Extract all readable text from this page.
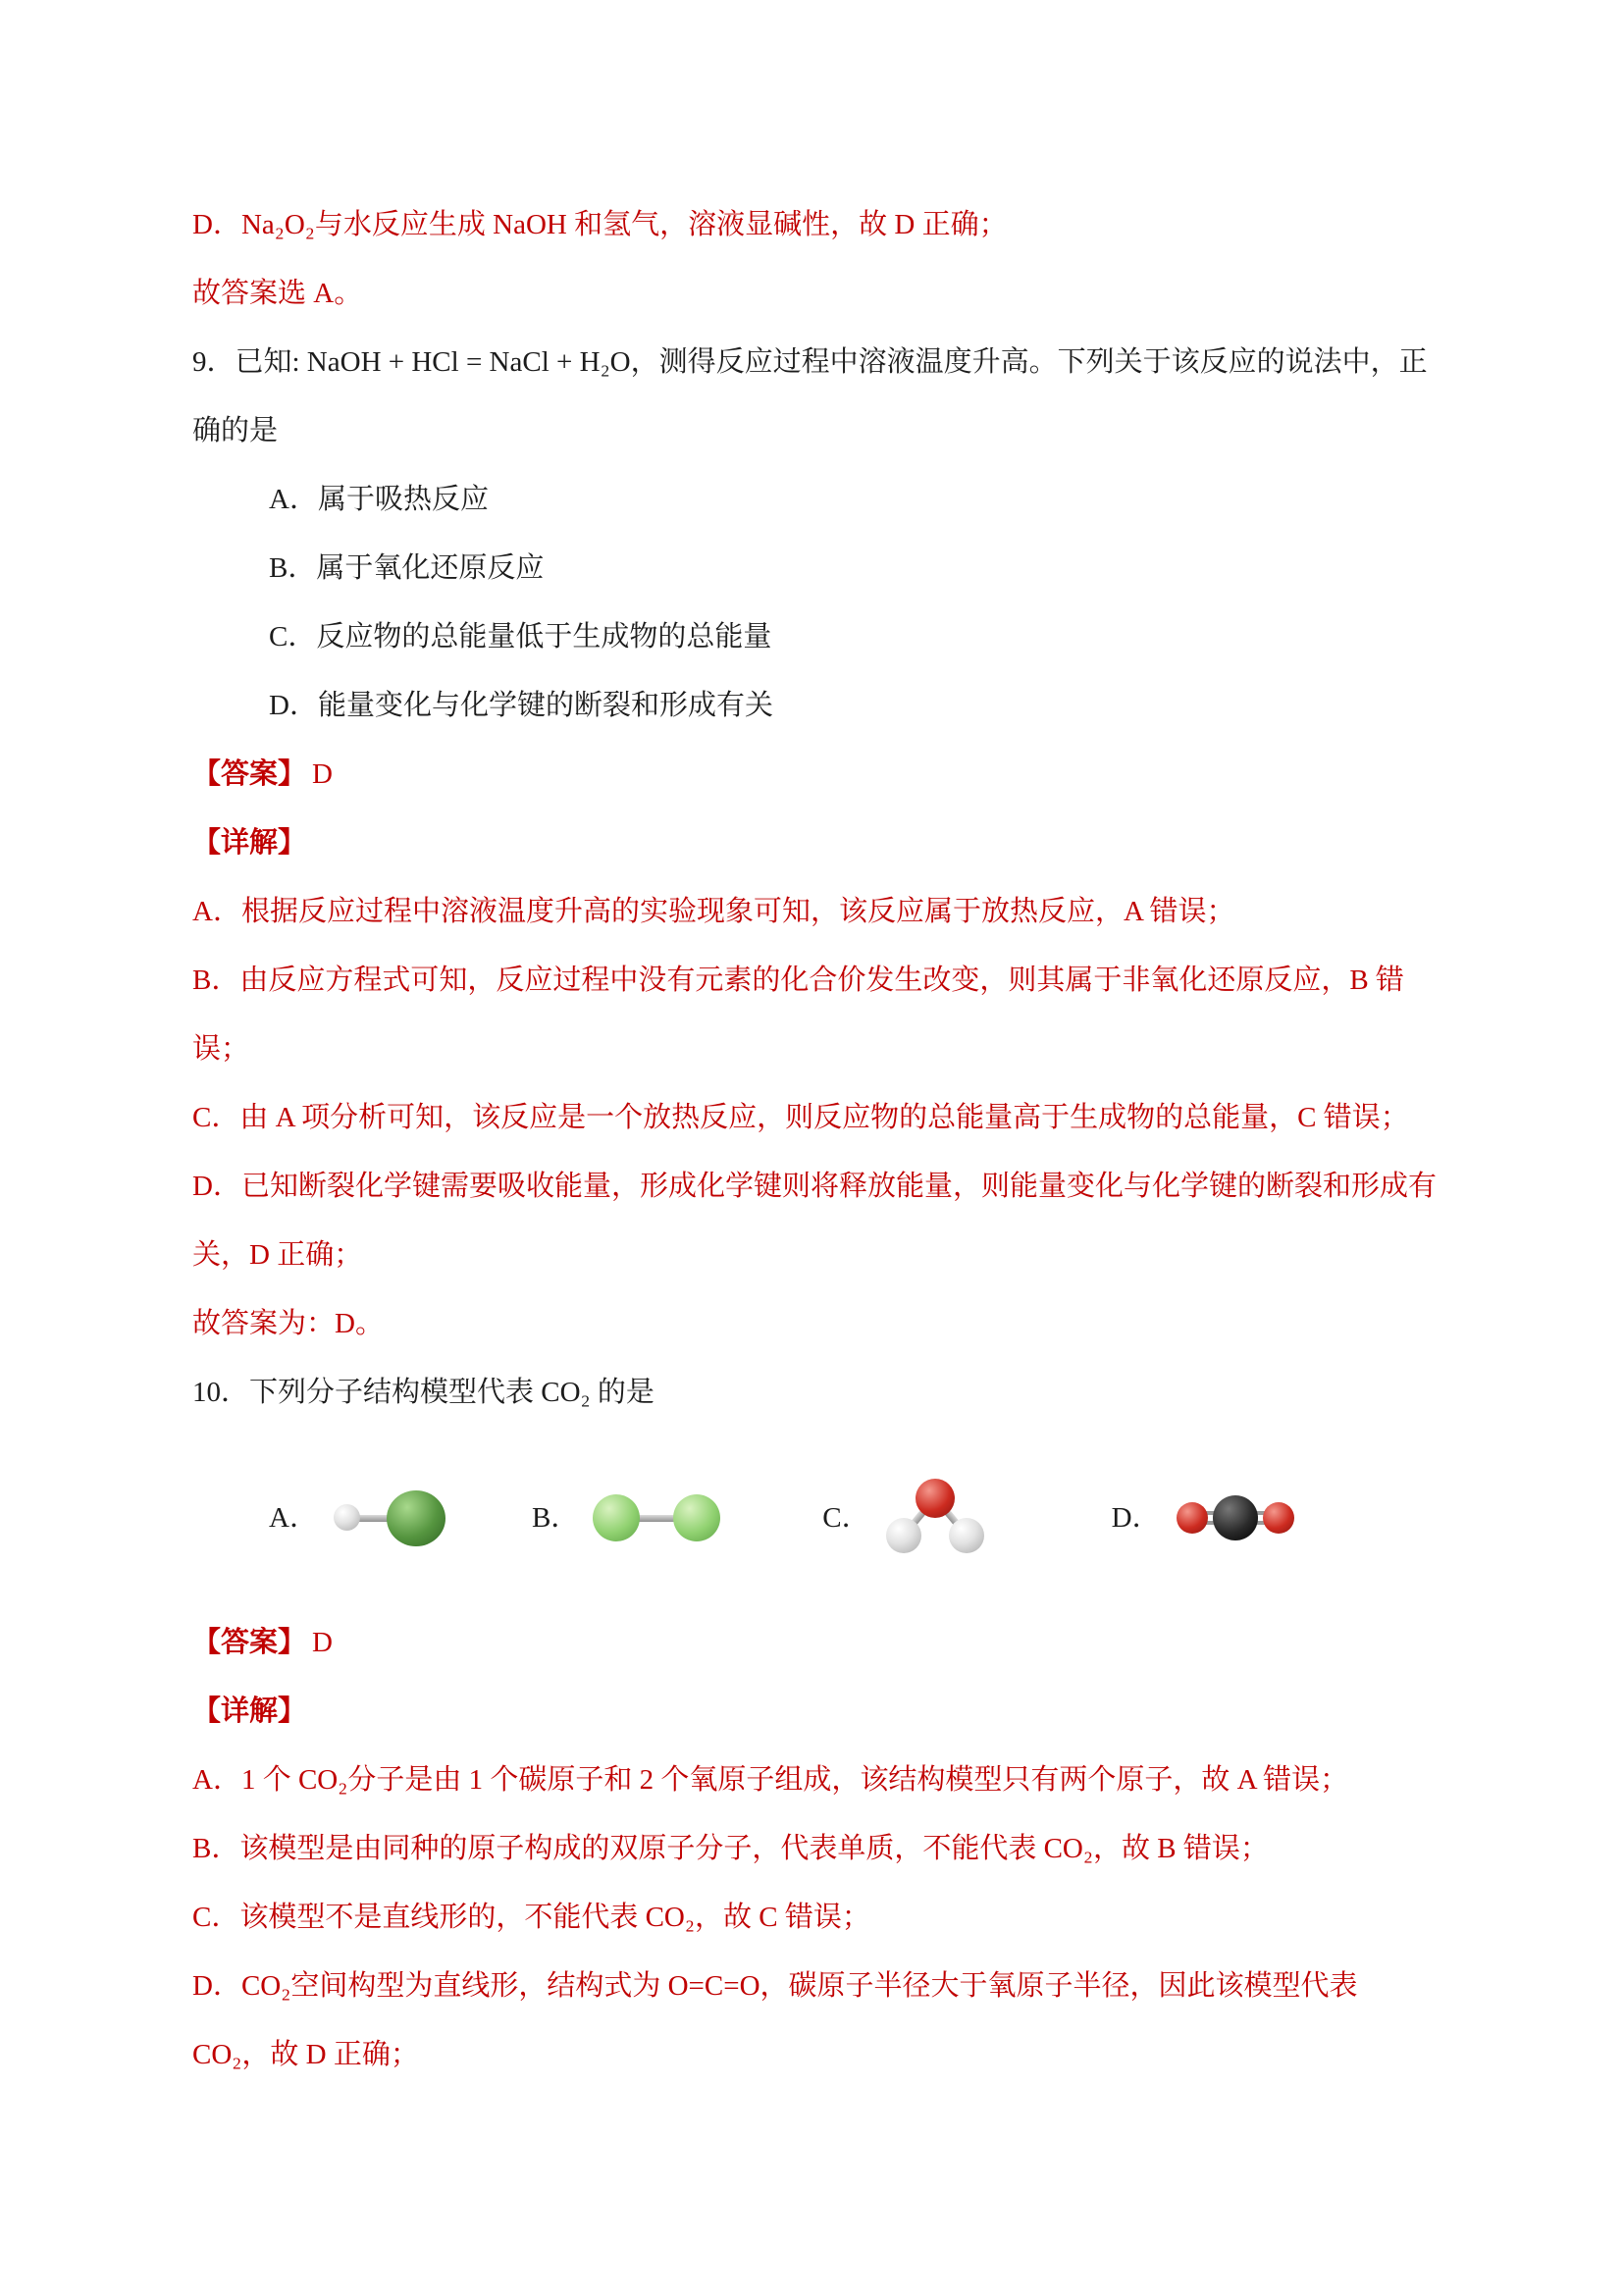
D．Na₂O₂与水反应生成 NaOH 和氢气，溶液显碱性，故 D 正确；

故答案选 A。

9．已知: NaOH + HCl = NaCl + H₂O，测得反应过程中溶液温度升高。下列关于该反应的说法中，正确的是

A．属于吸热反应

B．属于氧化还原反应

C．反应物的总能量低于生成物的总能量

D．能量变化与化学键的断裂和形成有关

【答案】 D

【详解】

A．根据反应过程中溶液温度升高的实验现象可知，该反应属于放热反应，A 错误；

B．由反应方程式可知，反应过程中没有元素的化合价发生改变，则其属于非氧化还原反应，B 错误；

C．由 A 项分析可知，该反应是一个放热反应，则反应物的总能量高于生成物的总能量，C 错误；

D．已知断裂化学键需要吸收能量，形成化学键则将释放能量，则能量变化与化学键的断裂和形成有关，D 正确；

故答案为：D。

10．下列分子结构模型代表 CO₂ 的是

A．	B．	C．	D．

【答案】 D

【详解】

A．1 个 CO₂分子是由 1 个碳原子和 2 个氧原子组成，该结构模型只有两个原子，故 A 错误；

B．该模型是由同种的原子构成的双原子分子，代表单质，不能代表 CO₂，故 B 错误；

C．该模型不是直线形的，不能代表 CO₂，故 C 错误；

D．CO₂空间构型为直线形，结构式为 O=C=O，碳原子半径大于氧原子半径，因此该模型代表 CO₂，故 D 正确；
